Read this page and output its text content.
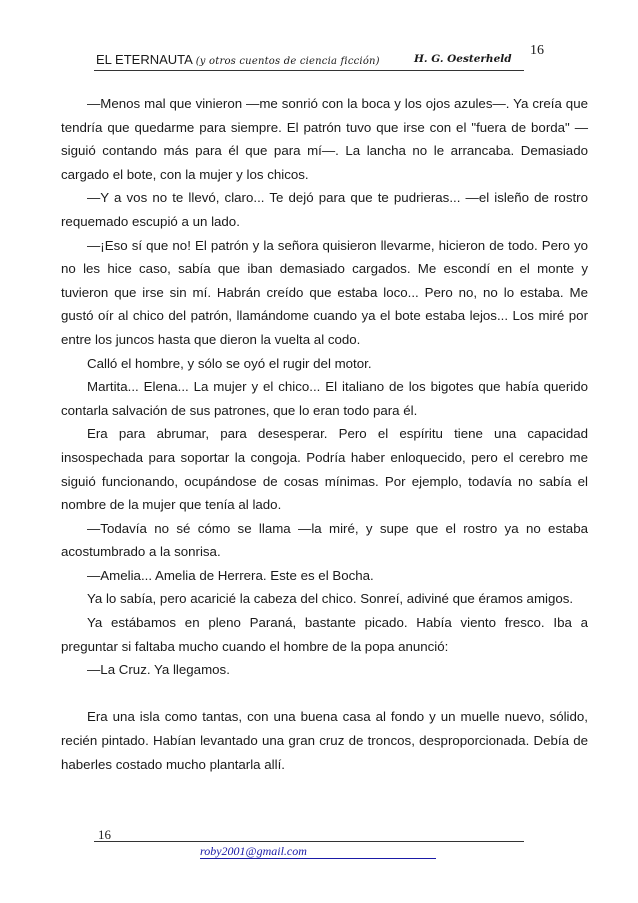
EL ETERNAUTA (y otros cuentos de ciencia ficción)	H. G. Oesterheld
16

—Menos mal que vinieron —me sonrió con la boca y los ojos azules—. Ya creía que tendría que quedarme para siempre. El patrón tuvo que irse con el "fuera de borda" —siguió contando más para él que para mí—. La lancha no le arrancaba. Demasiado cargado el bote, con la mujer y los chicos.

—Y a vos no te llevó, claro... Te dejó para que te pudrieras... —el isleño de rostro requemado escupió a un lado.

—¡Eso sí que no! El patrón y la señora quisieron llevarme, hicieron de todo. Pero yo no les hice caso, sabía que iban demasiado cargados. Me escondí en el monte y tuvieron que irse sin mí. Habrán creído que estaba loco... Pero no, no lo estaba. Me gustó oír al chico del patrón, llamándome cuando ya el bote estaba lejos... Los miré por entre los juncos hasta que dieron la vuelta al codo.

Calló el hombre, y sólo se oyó el rugir del motor.

Martita... Elena... La mujer y el chico... El italiano de los bigotes que había querido contarla salvación de sus patrones, que lo eran todo para él.

Era para abrumar, para desesperar. Pero el espíritu tiene una capacidad insospechada para soportar la congoja. Podría haber enloquecido, pero el cerebro me siguió funcionando, ocupándose de cosas mínimas. Por ejemplo, todavía no sabía el nombre de la mujer que tenía al lado.

—Todavía no sé cómo se llama —la miré, y supe que el rostro ya no estaba acostumbrado a la sonrisa.

—Amelia... Amelia de Herrera. Este es el Bocha.

Ya lo sabía, pero acaricié la cabeza del chico. Sonreí, adiviné que éramos amigos.

Ya estábamos en pleno Paraná, bastante picado. Había viento fresco. Iba a preguntar si faltaba mucho cuando el hombre de la popa anunció:

—La Cruz. Ya llegamos.

Era una isla como tantas, con una buena casa al fondo y un muelle nuevo, sólido, recién pintado. Habían levantado una gran cruz de troncos, desproporcionada. Debía de haberles costado mucho plantarla allí.

16
roby2001@gmail.com
